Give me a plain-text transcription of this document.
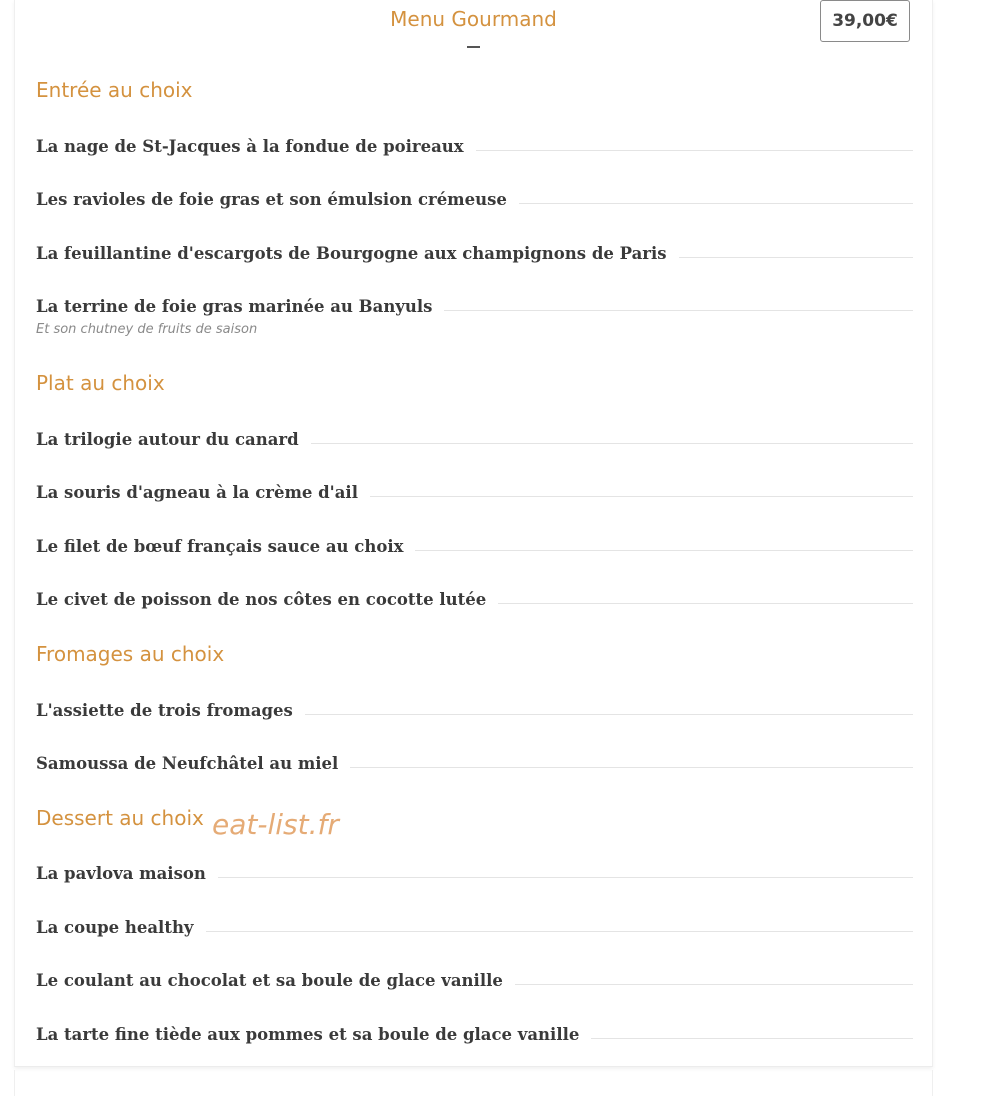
Menu Gourmand	39,00€
Entrée au choix
La nage de St-Jacques à la fondue de poireaux
Les ravioles de foie gras et son émulsion crémeuse
La feuillantine d'escargots de Bourgogne aux champignons de Paris
La terrine de foie gras marinée au Banyuls
Et son chutney de fruits de saison
Plat au choix
La trilogie autour du canard
La souris d'agneau à la crème d'ail
Le filet de bœuf français sauce au choix
Le civet de poisson de nos côtes en cocotte lutée
Fromages au choix
L'assiette de trois fromages
Samoussa de Neufchâtel au miel
Dessert au choix
La pavlova maison
La coupe healthy
Le coulant au chocolat et sa boule de glace vanille
La tarte fine tiède aux pommes et sa boule de glace vanille
eat-list.fr
